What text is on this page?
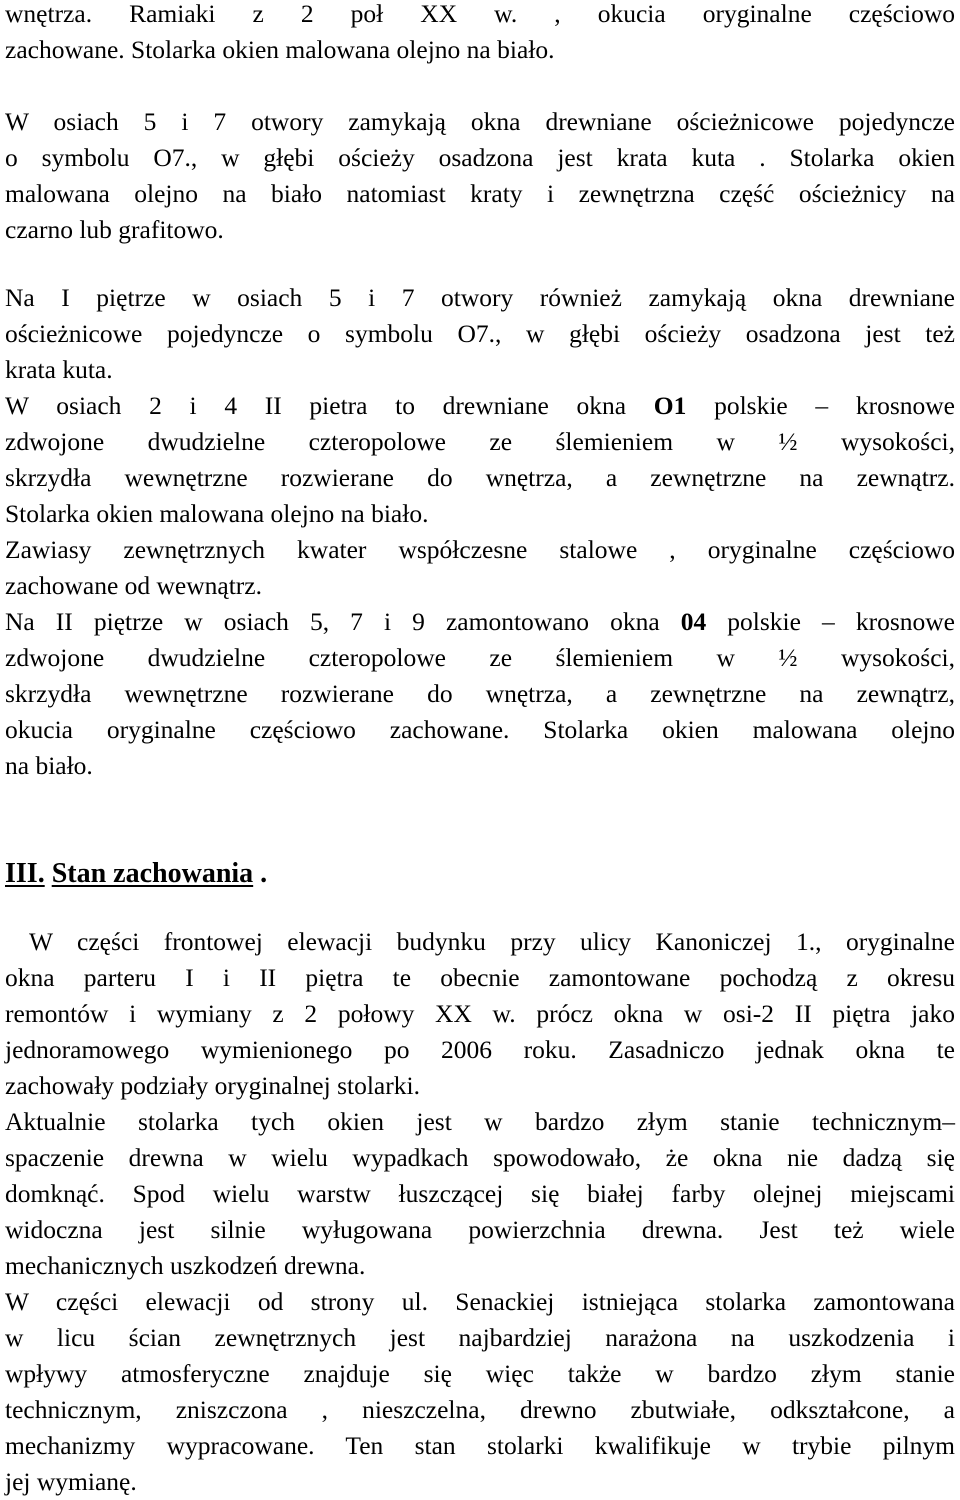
wnętrza. Ramiaki z 2 poł XX w. , okucia oryginalne częściowo
zachowane. Stolarka okien malowana olejno na biało.
W osiach 5 i 7 otwory zamykają okna drewniane ościeżnicowe pojedyncze
o symbolu O7., w głębi ościeży osadzona jest krata kuta . Stolarka okien
malowana olejno na biało natomiast kraty i zewnętrzna część ościeżnicy na
czarno lub grafitowo.
Na I piętrze w osiach 5 i 7 otwory również zamykają okna drewniane
ościeżnicowe pojedyncze o symbolu O7., w głębi ościeży osadzona jest też
krata kuta.
W osiach 2 i 4 II pietra to drewniane okna O1 polskie – krosnowe
zdwojone dwudzielne czteropolowe ze ślemieniem w ½ wysokości,
skrzydła wewnętrzne rozwierane do wnętrza, a zewnętrzne na zewnątrz.
Stolarka okien malowana olejno na biało.
Zawiasy zewnętrznych kwater współczesne stalowe , oryginalne częściowo
zachowane od wewnątrz.
Na II piętrze w osiach 5, 7 i 9 zamontowano okna 04 polskie – krosnowe
zdwojone dwudzielne czteropolowe ze ślemieniem w ½ wysokości,
skrzydła wewnętrzne rozwierane do wnętrza, a zewnętrzne na zewnątrz,
okucia oryginalne częściowo zachowane. Stolarka okien malowana olejno
na biało.
III. Stan zachowania .
W części frontowej elewacji budynku przy ulicy Kanoniczej 1., oryginalne
okna parteru I i II piętra te obecnie zamontowane pochodzą z okresu
remontów i wymiany z 2 połowy XX w. prócz okna w osi-2 II piętra jako
jednoramowego wymienionego po 2006 roku. Zasadniczo jednak okna te
zachowały podziały oryginalnej stolarki.
Aktualnie stolarka tych okien jest w bardzo złym stanie technicznym–
spaczenie drewna w wielu wypadkach spowodowało, że okna nie dadzą się
domknąć. Spod wielu warstw łuszczącej się białej farby olejnej miejscami
widoczna jest silnie wyługowana powierzchnia drewna. Jest też wiele
mechanicznych uszkodzeń drewna.
W części elewacji od strony ul. Senackiej istniejąca stolarka zamontowana
w licu ścian zewnętrznych jest najbardziej narażona na uszkodzenia i
wpływy atmosferyczne znajduje się więc także w bardzo złym stanie
technicznym, zniszczona , nieszczelna, drewno zbutwiałe, odkształcone, a
mechanizmy wypracowane. Ten stan stolarki kwalifikuje w trybie pilnym
jej wymianę.
